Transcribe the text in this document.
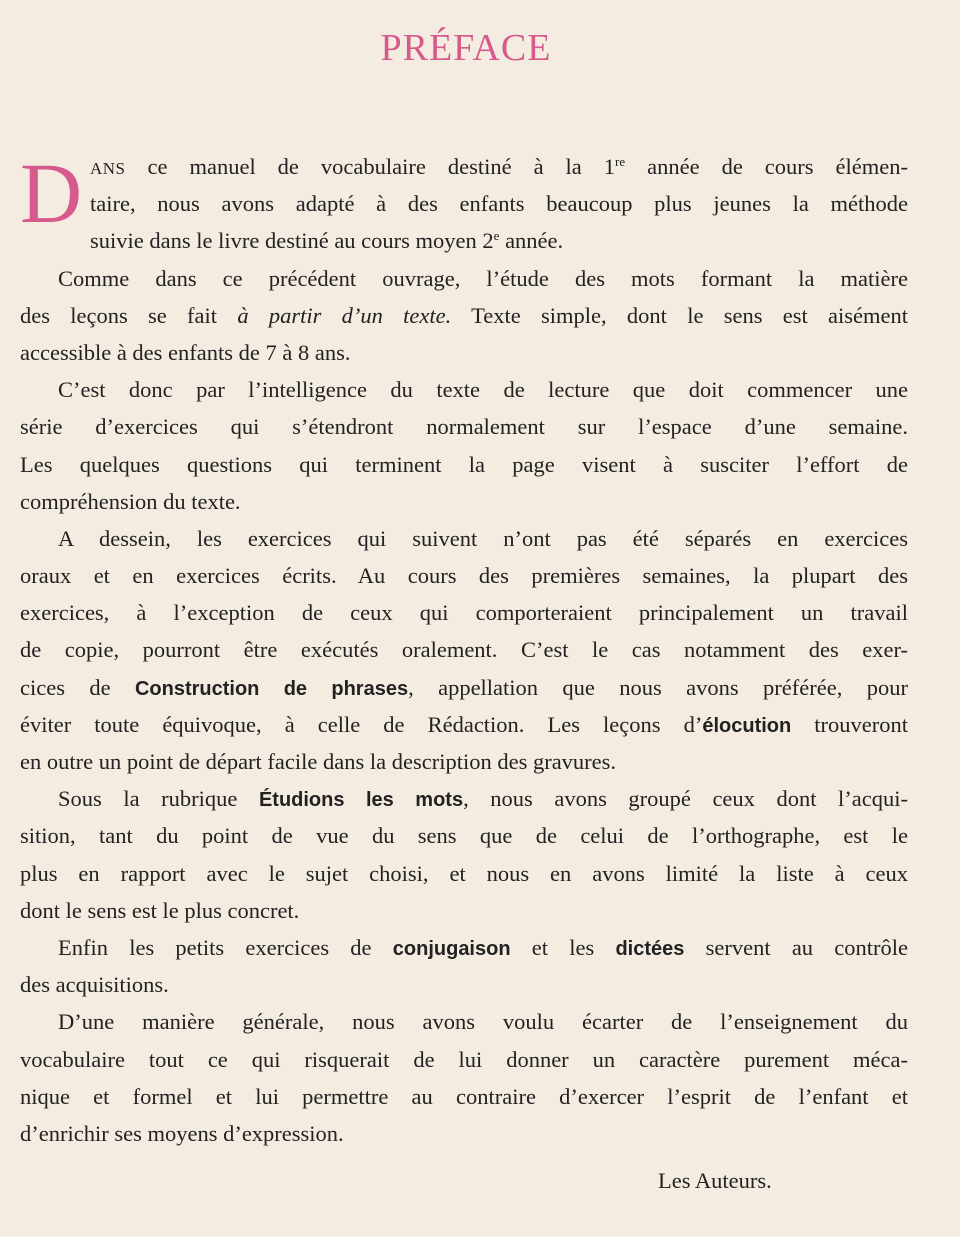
PRÉFACE
D ANS ce manuel de vocabulaire destiné à la 1re année de cours élémen-
taire, nous avons adapté à des enfants beaucoup plus jeunes la méthode
suivie dans le livre destiné au cours moyen 2e année.
Comme dans ce précédent ouvrage, l’étude des mots formant la matière
des leçons se fait à partir d’un texte. Texte simple, dont le sens est aisément
accessible à des enfants de 7 à 8 ans.
C’est donc par l’intelligence du texte de lecture que doit commencer une
série d’exercices qui s’étendront normalement sur l’espace d’une semaine.
Les quelques questions qui terminent la page visent à susciter l’effort de
compréhension du texte.
A dessein, les exercices qui suivent n’ont pas été séparés en exercices
oraux et en exercices écrits. Au cours des premières semaines, la plupart des
exercices, à l’exception de ceux qui comporteraient principalement un travail
de copie, pourront être exécutés oralement. C’est le cas notamment des exer-
cices de Construction de phrases, appellation que nous avons préférée, pour
éviter toute équivoque, à celle de Rédaction. Les leçons d’élocution trouveront
en outre un point de départ facile dans la description des gravures.
Sous la rubrique Étudions les mots, nous avons groupé ceux dont l’acqui-
sition, tant du point de vue du sens que de celui de l’orthographe, est le
plus en rapport avec le sujet choisi, et nous en avons limité la liste à ceux
dont le sens est le plus concret.
Enfin les petits exercices de conjugaison et les dictées servent au contrôle
des acquisitions.
D’une manière générale, nous avons voulu écarter de l’enseignement du
vocabulaire tout ce qui risquerait de lui donner un caractère purement méca-
nique et formel et lui permettre au contraire d’exercer l’esprit de l’enfant et
d’enrichir ses moyens d’expression.
Les Auteurs.
